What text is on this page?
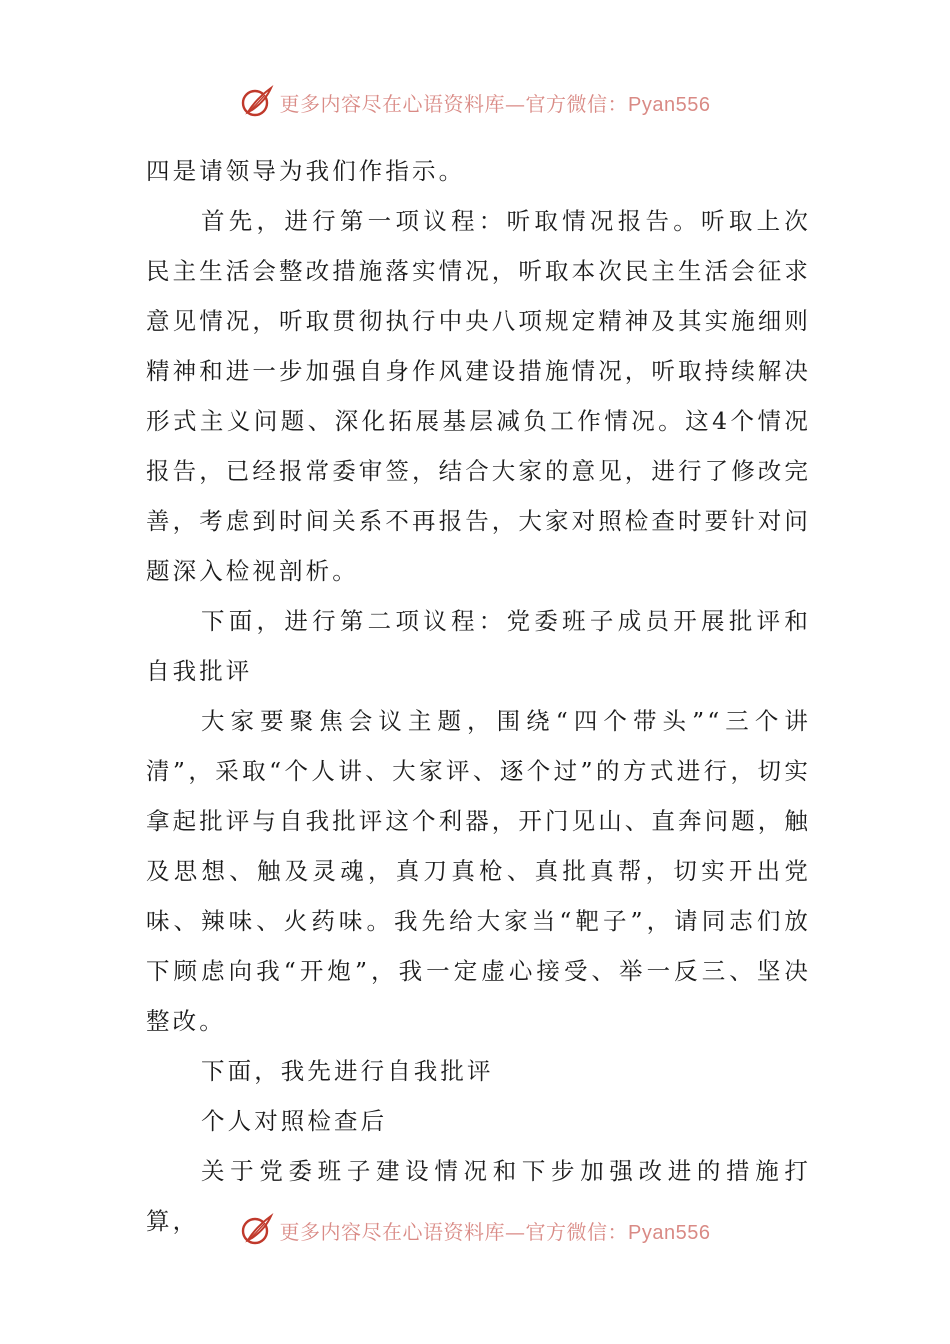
更多内容尽在心语资料库—官方微信：Pyan556

四是请领导为我们作指示。

首先，进行第一项议程：听取情况报告。听取上次民主生活会整改措施落实情况，听取本次民主生活会征求意见情况，听取贯彻执行中央八项规定精神及其实施细则精神和进一步加强自身作风建设措施情况，听取持续解决形式主义问题、深化拓展基层减负工作情况。这4个情况报告，已经报常委审签，结合大家的意见，进行了修改完善，考虑到时间关系不再报告，大家对照检查时要针对问题深入检视剖析。

下面，进行第二项议程：党委班子成员开展批评和自我批评

大家要聚焦会议主题，围绕“四个带头”“三个讲清”，采取“个人讲、大家评、逐个过”的方式进行，切实拿起批评与自我批评这个利器，开门见山、直奔问题，触及思想、触及灵魂，真刀真枪、真批真帮，切实开出党味、辣味、火药味。我先给大家当“靶子”，请同志们放下顾虑向我“开炮”，我一定虚心接受、举一反三、坚决整改。

下面，我先进行自我批评

个人对照检查后

关于党委班子建设情况和下步加强改进的措施打算，	更多内容尽在心语资料库—官方微信：Pyan556
